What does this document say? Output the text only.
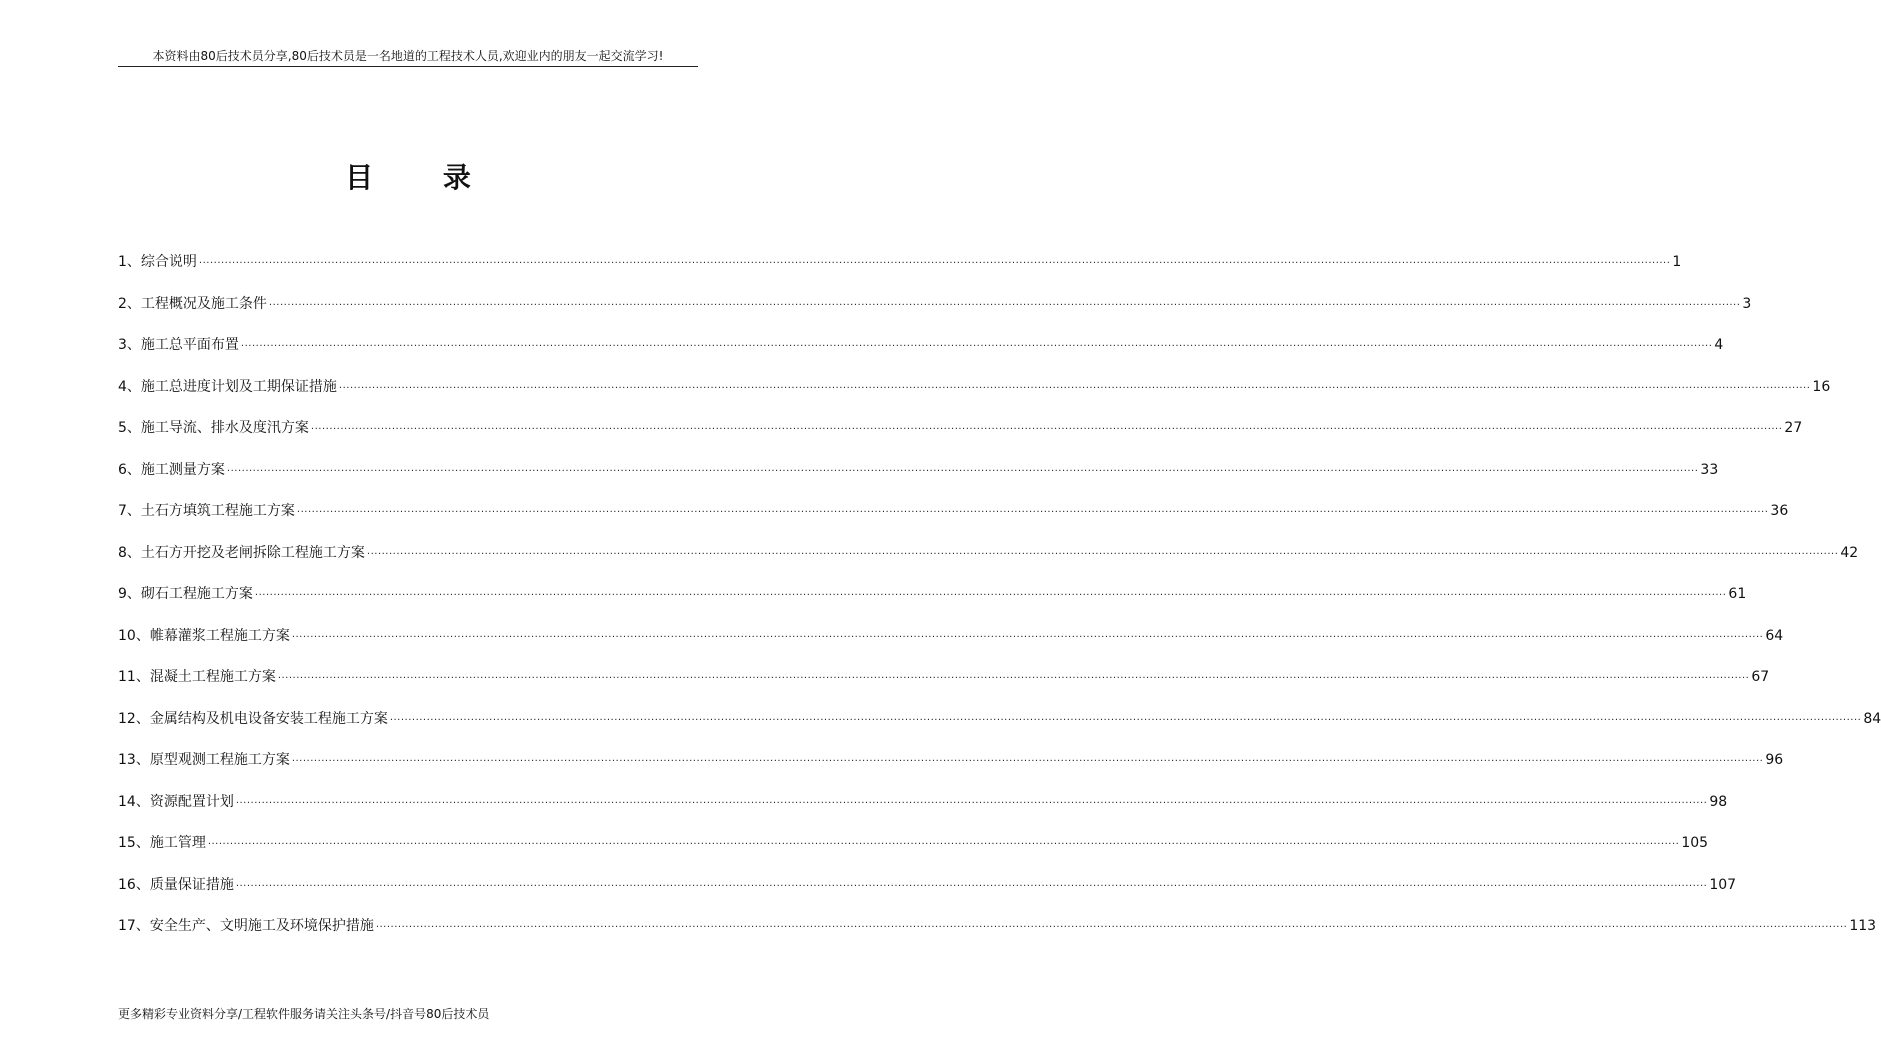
本资料由80后技术员分享,80后技术员是一名地道的工程技术人员,欢迎业内的朋友一起交流学习!
目 录
1、综合说明 ················································································································································································································································································································································································································ 1
2、工程概况及施工条件 ················································································································································································································································································································································································································ 3
3、施工总平面布置 ················································································································································································································································································································································································································ 4
4、施工总进度计划及工期保证措施 ················································································································································································································································································································································································································ 16
5、施工导流、排水及度汛方案 ················································································································································································································································································································································································································ 27
6、施工测量方案 ················································································································································································································································································································································································································ 33
7、土石方填筑工程施工方案 ················································································································································································································································································································································································································ 36
8、土石方开挖及老闸拆除工程施工方案 ················································································································································································································································································································································································································ 42
9、砌石工程施工方案 ················································································································································································································································································································································································································ 61
10、帷幕灌浆工程施工方案 ················································································································································································································································································································································································································ 64
11、混凝土工程施工方案 ················································································································································································································································································································································································································ 67
12、金属结构及机电设备安装工程施工方案 ················································································································································································································································································································································································································ 84
13、原型观测工程施工方案 ················································································································································································································································································································································································································ 96
14、资源配置计划 ················································································································································································································································································································································································································ 98
15、施工管理 ················································································································································································································································································································································································································ 105
16、质量保证措施 ················································································································································································································································································································································································································ 107
17、安全生产、文明施工及环境保护措施 ················································································································································································································································································································································································································ 113
更多精彩专业资料分享/工程软件服务请关注头条号/抖音号80后技术员
